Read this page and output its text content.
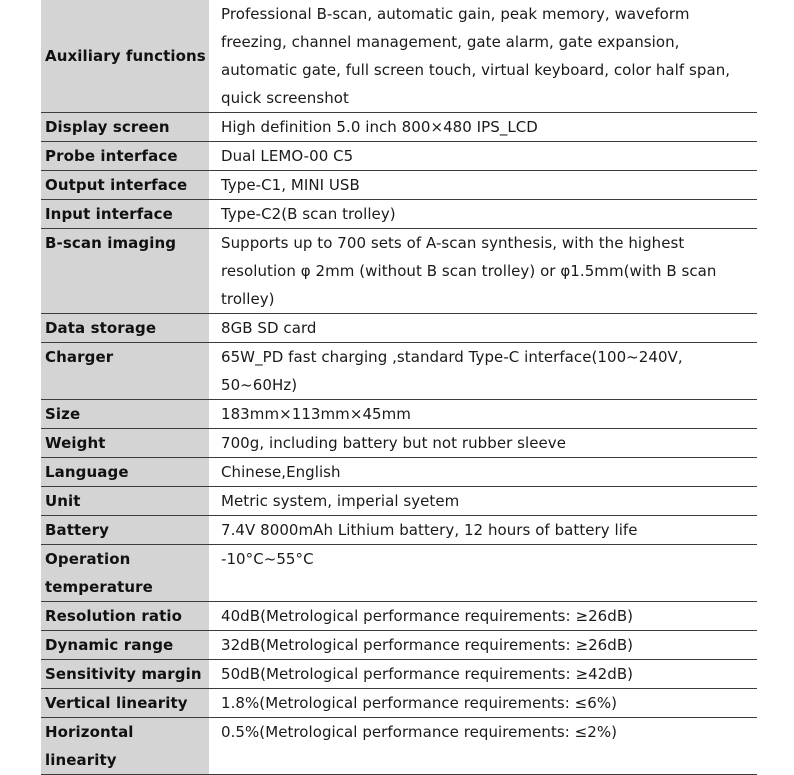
Auxiliary functions	Professional B-scan, automatic gain, peak memory, waveform freezing, channel management, gate alarm, gate expansion, automatic gate, full screen touch, virtual keyboard, color half span, quick screenshot
Display screen	High definition 5.0 inch 800×480 IPS_LCD
Probe interface	Dual LEMO-00 C5
Output interface	Type-C1, MINI USB
Input interface	Type-C2(B scan trolley)
B-scan imaging	Supports up to 700 sets of A-scan synthesis, with the highest resolution φ 2mm (without B scan trolley) or φ1.5mm(with B scan trolley)
Data storage	8GB SD card
Charger	65W_PD fast charging ,standard Type-C interface(100~240V, 50~60Hz)
Size	183mm×113mm×45mm
Weight	700g, including battery but not rubber sleeve
Language	Chinese,English
Unit	Metric system, imperial syetem
Battery	7.4V 8000mAh Lithium battery, 12 hours of battery life
Operation temperature	-10°C~55°C
Resolution ratio	40dB(Metrological performance requirements: ≥26dB)
Dynamic range	32dB(Metrological performance requirements: ≥26dB)
Sensitivity margin	50dB(Metrological performance requirements: ≥42dB)
Vertical linearity	1.8%(Metrological performance requirements: ≤6%)
Horizontal linearity	0.5%(Metrological performance requirements: ≤2%)
